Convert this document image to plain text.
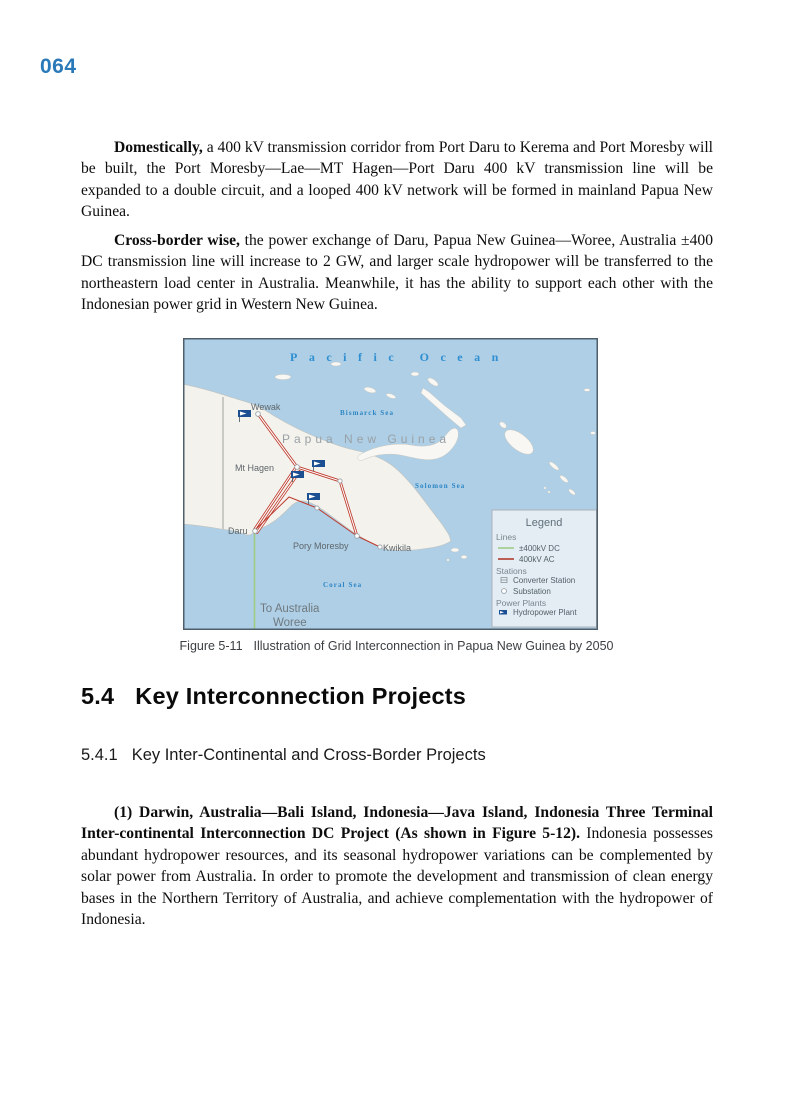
064

Domestically, a 400 kV transmission corridor from Port Daru to Kerema and Port Moresby will be built, the Port Moresby—Lae—MT Hagen—Port Daru 400 kV transmission line will be expanded to a double circuit, and a looped 400 kV network will be formed in mainland Papua New Guinea.

Cross-border wise, the power exchange of Daru, Papua New Guinea—Woree, Australia ±400 DC transmission line will increase to 2 GW, and larger scale hydropower will be transferred to the northeastern load center in Australia. Meanwhile, it has the ability to support each other with the Indonesian power grid in Western New Guinea.

Pacific Ocean
Bismarck Sea
Papua New Guinea
Solomon Sea
Coral Sea
Wewak
Mt Hagen
Daru
Pory Moresby	Kwikila
To Australia
Woree
Legend
Lines
±400kV DC
400kV AC
Stations
Converter Station
Substation
Power Plants
Hydropower Plant
Figure 5-11 Illustration of Grid Interconnection in Papua New Guinea by 2050
5.4 Key Interconnection Projects
5.4.1 Key Inter-Continental and Cross-Border Projects

(1) Darwin, Australia—Bali Island, Indonesia—Java Island, Indonesia Three Terminal Inter-continental Interconnection DC Project (As shown in Figure 5-12). Indonesia possesses abundant hydropower resources, and its seasonal hydropower variations can be complemented by solar power from Australia. In order to promote the development and transmission of clean energy bases in the Northern Territory of Australia, and achieve complementation with the hydropower of Indonesia.
